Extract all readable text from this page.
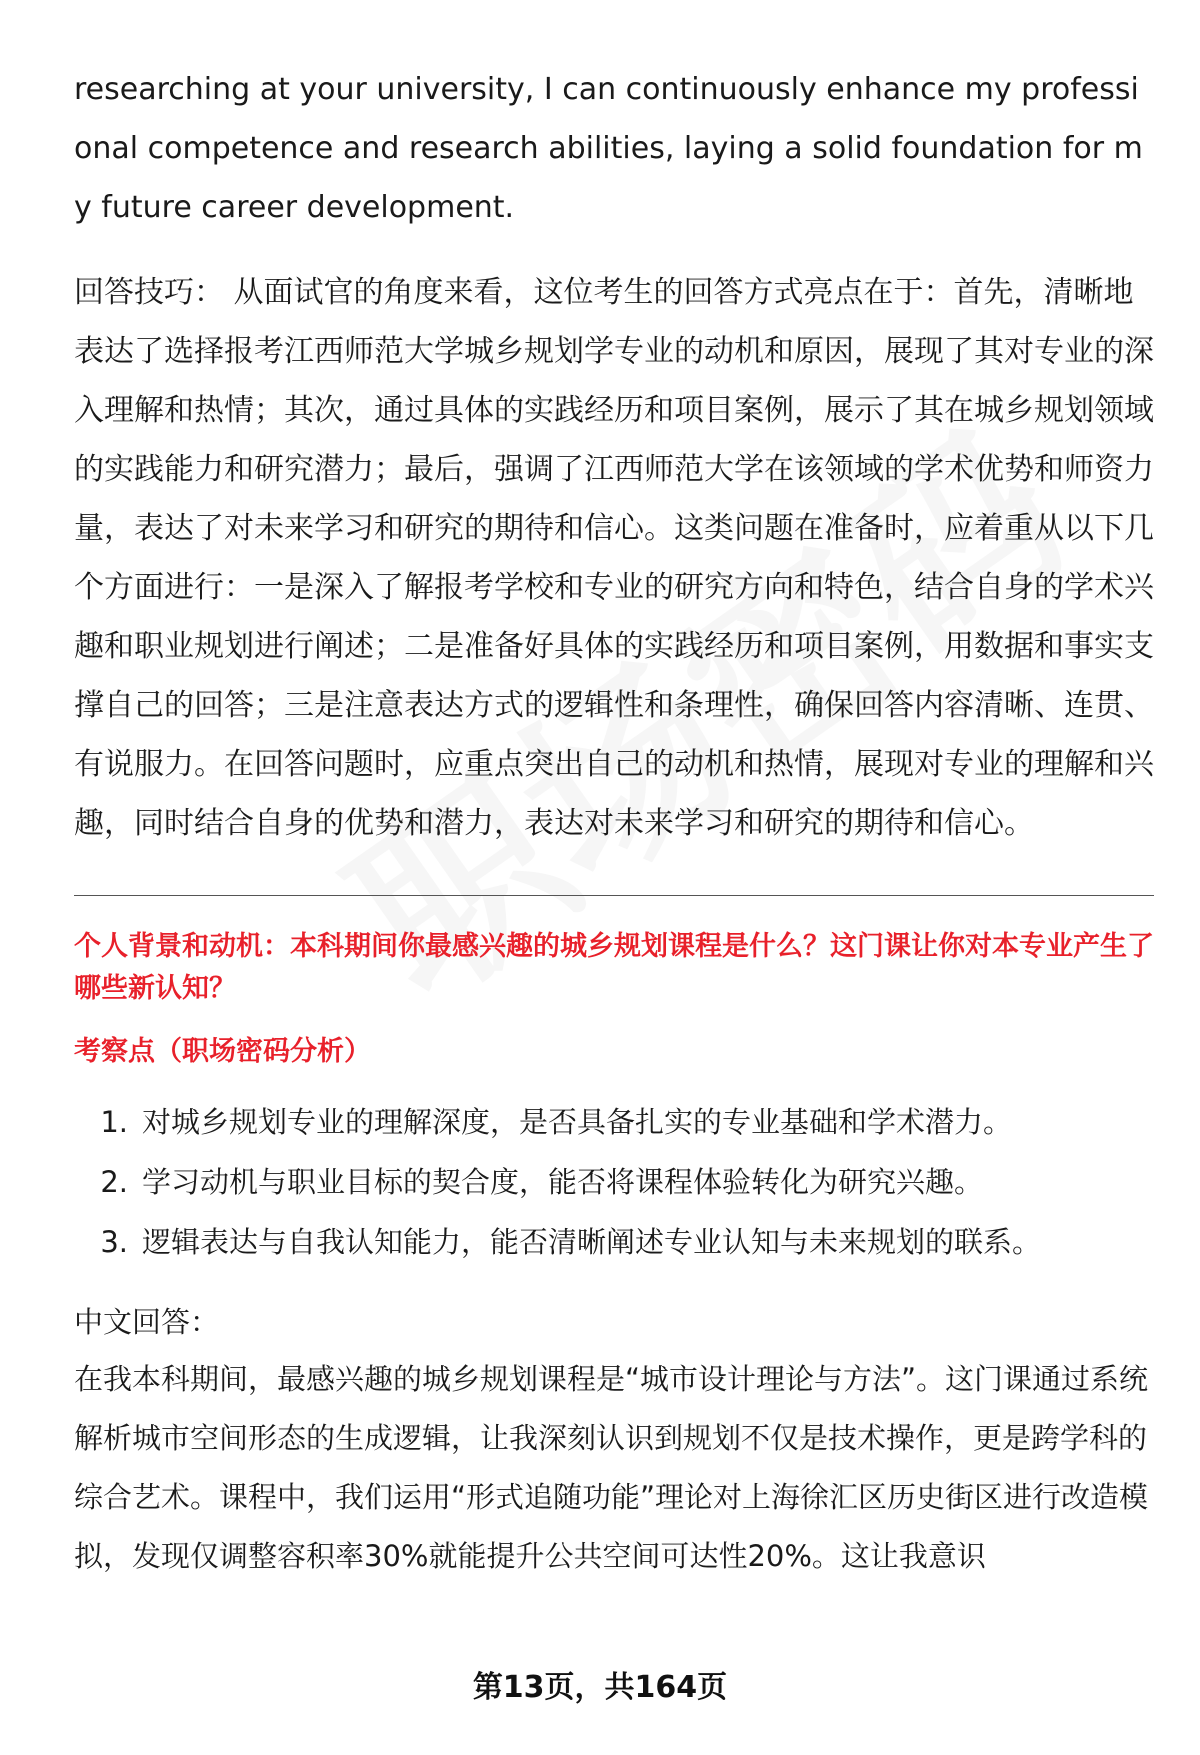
researching at your university, I can continuously enhance my professional competence and research abilities, laying a solid foundation for my future career development.

回答技巧： 从面试官的角度来看，这位考生的回答方式亮点在于：首先，清晰地表达了选择报考江西师范大学城乡规划学专业的动机和原因，展现了其对专业的深入理解和热情；其次，通过具体的实践经历和项目案例，展示了其在城乡规划领域的实践能力和研究潜力；最后，强调了江西师范大学在该领域的学术优势和师资力量，表达了对未来学习和研究的期待和信心。这类问题在准备时，应着重从以下几个方面进行：一是深入了解报考学校和专业的研究方向和特色，结合自身的学术兴趣和职业规划进行阐述；二是准备好具体的实践经历和项目案例，用数据和事实支撑自己的回答；三是注意表达方式的逻辑性和条理性，确保回答内容清晰、连贯、有说服力。在回答问题时，应重点突出自己的动机和热情，展现对专业的理解和兴趣，同时结合自身的优势和潜力，表达对未来学习和研究的期待和信心。

个人背景和动机：本科期间你最感兴趣的城乡规划课程是什么？这门课让你对本专业产生了哪些新认知？

考察点（职场密码分析）

1. 对城乡规划专业的理解深度，是否具备扎实的专业基础和学术潜力。
2. 学习动机与职业目标的契合度，能否将课程体验转化为研究兴趣。
3. 逻辑表达与自我认知能力，能否清晰阐述专业认知与未来规划的联系。

中文回答：

在我本科期间，最感兴趣的城乡规划课程是“城市设计理论与方法”。这门课通过系统解析城市空间形态的生成逻辑，让我深刻认识到规划不仅是技术操作，更是跨学科的综合艺术。课程中，我们运用“形式追随功能”理论对上海徐汇区历史街区进行改造模拟，发现仅调整容积率30%就能提升公共空间可达性20%。这让我意识

第13页，共164页
